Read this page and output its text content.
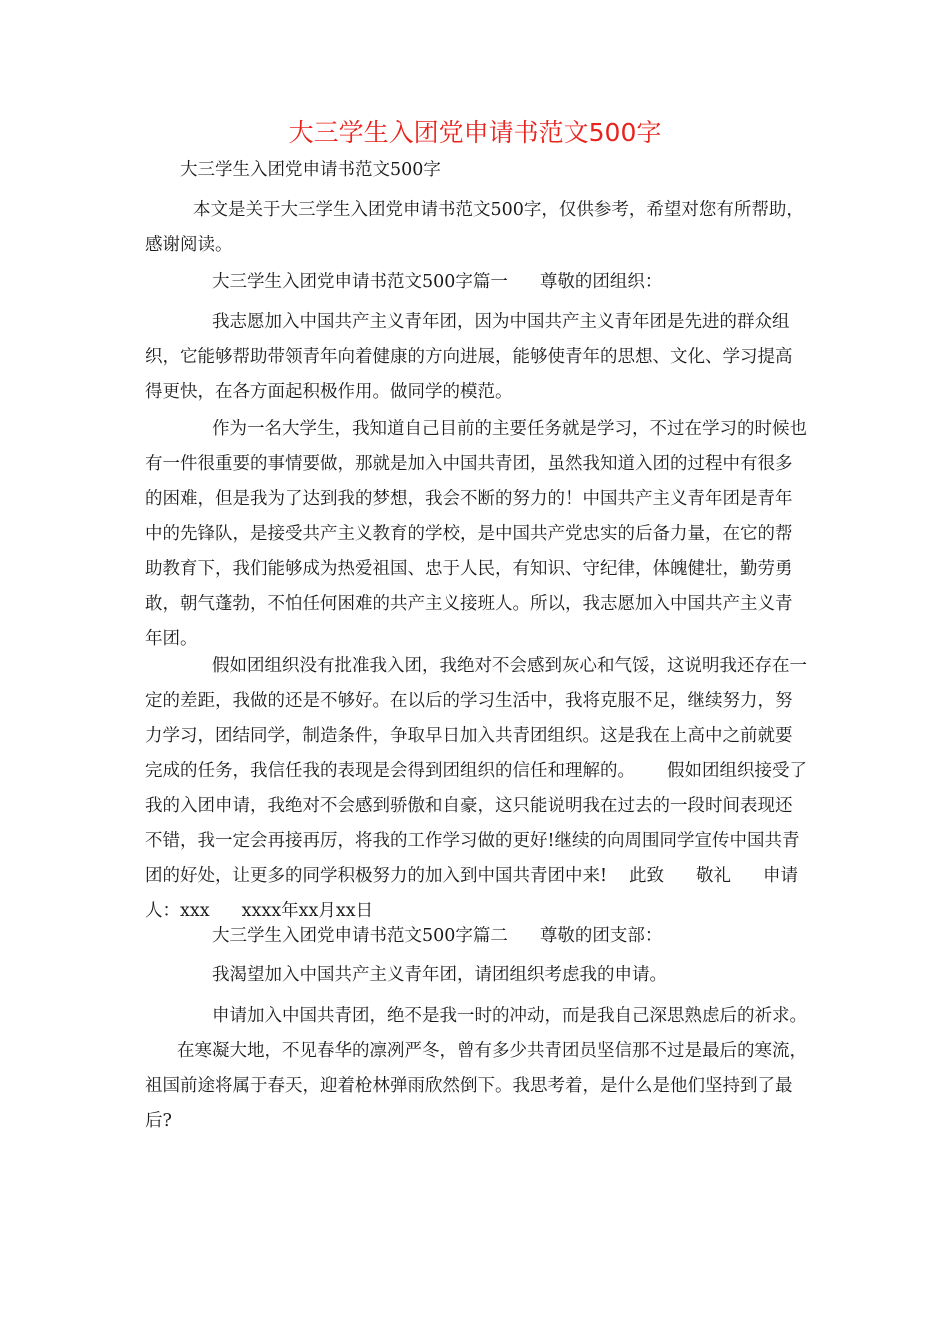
大三学生入团党申请书范文500字

大三学生入团党申请书范文500字

本文是关于大三学生入团党申请书范文500字，仅供参考，希望对您有所帮助，感谢阅读。

大三学生入团党申请书范文500字篇一 尊敬的团组织：

我志愿加入中国共产主义青年团，因为中国共产主义青年团是先进的群众组织，它能够帮助带领青年向着健康的方向进展，能够使青年的思想、文化、学习提高得更快，在各方面起积极作用。做同学的模范。

作为一名大学生，我知道自己目前的主要任务就是学习，不过在学习的时候也有一件很重要的事情要做，那就是加入中国共青团，虽然我知道入团的过程中有很多的困难，但是我为了达到我的梦想，我会不断的努力的！中国共产主义青年团是青年中的先锋队，是接受共产主义教育的学校，是中国共产党忠实的后备力量，在它的帮助教育下，我们能够成为热爱祖国、忠于人民，有知识、守纪律，体魄健壮，勤劳勇敢，朝气蓬勃，不怕任何困难的共产主义接班人。所以，我志愿加入中国共产主义青年团。

假如团组织没有批准我入团，我绝对不会感到灰心和气馁，这说明我还存在一定的差距，我做的还是不够好。在以后的学习生活中，我将克服不足，继续努力，努力学习，团结同学，制造条件，争取早日加入共青团组织。这是我在上高中之前就要完成的任务，我信任我的表现是会得到团组织的信任和理解的。 假如团组织接受了我的入团申请，我绝对不会感到骄傲和自豪，这只能说明我在过去的一段时间表现还不错，我一定会再接再厉，将我的工作学习做的更好!继续的向周围同学宣传中国共青团的好处，让更多的同学积极努力的加入到中国共青团中来! 此致 敬礼 申请人：xxx xxxx年xx月xx日

大三学生入团党申请书范文500字篇二 尊敬的团支部：

我渴望加入中国共产主义青年团，请团组织考虑我的申请。

申请加入中国共青团，绝不是我一时的冲动，而是我自己深思熟虑后的祈求。在寒凝大地，不见春华的凛冽严冬，曾有多少共青团员坚信那不过是最后的寒流，祖国前途将属于春天，迎着枪林弹雨欣然倒下。我思考着，是什么是他们坚持到了最后?
